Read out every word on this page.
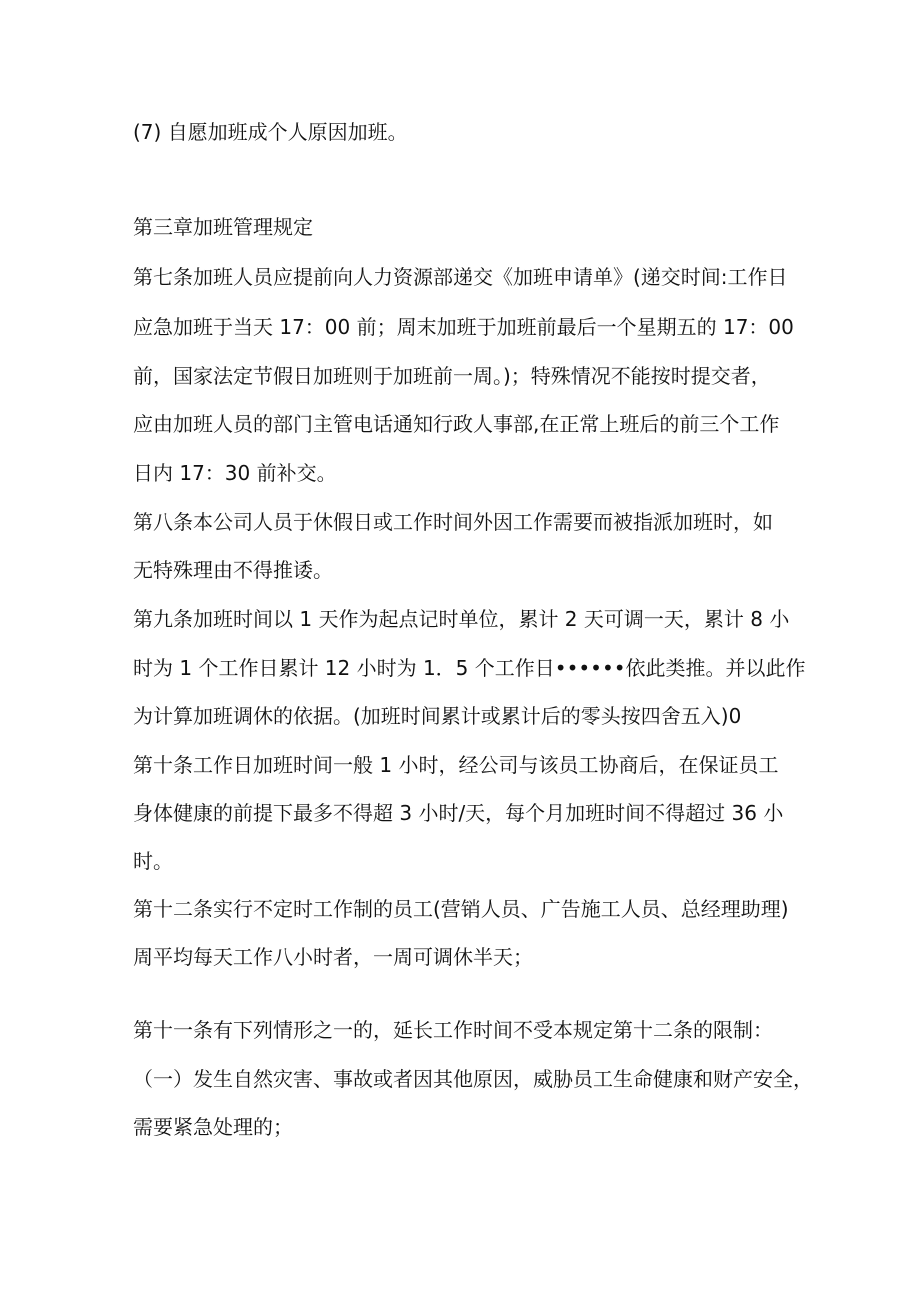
(7) 自愿加班成个人原因加班。
第三章加班管理规定
第七条加班人员应提前向人力资源部递交《加班申请单》(递交时间:工作日
应急加班于当天 17：00 前；周末加班于加班前最后一个星期五的 17：00
前，国家法定节假日加班则于加班前一周。)；特殊情况不能按时提交者，
应由加班人员的部门主管电话通知行政人事部,在正常上班后的前三个工作
日内 17：30 前补交。
第八条本公司人员于休假日或工作时间外因工作需要而被指派加班时，如
无特殊理由不得推诿。
第九条加班时间以 1 天作为起点记时单位，累计 2 天可调一天，累计 8 小
时为 1 个工作日累计 12 小时为 1．5 个工作日••••••依此类推。并以此作
为计算加班调休的依据。(加班时间累计或累计后的零头按四舍五入)0
第十条工作日加班时间一般 1 小时，经公司与该员工协商后，在保证员工
身体健康的前提下最多不得超 3 小时/天，每个月加班时间不得超过 36 小
时。
第十二条实行不定时工作制的员工(营销人员、广告施工人员、总经理助理)
周平均每天工作八小时者，一周可调休半天；
第十一条有下列情形之一的，延长工作时间不受本规定第十二条的限制：
（一）发生自然灾害、事故或者因其他原因，威胁员工生命健康和财产安全，
需要紧急处理的；
